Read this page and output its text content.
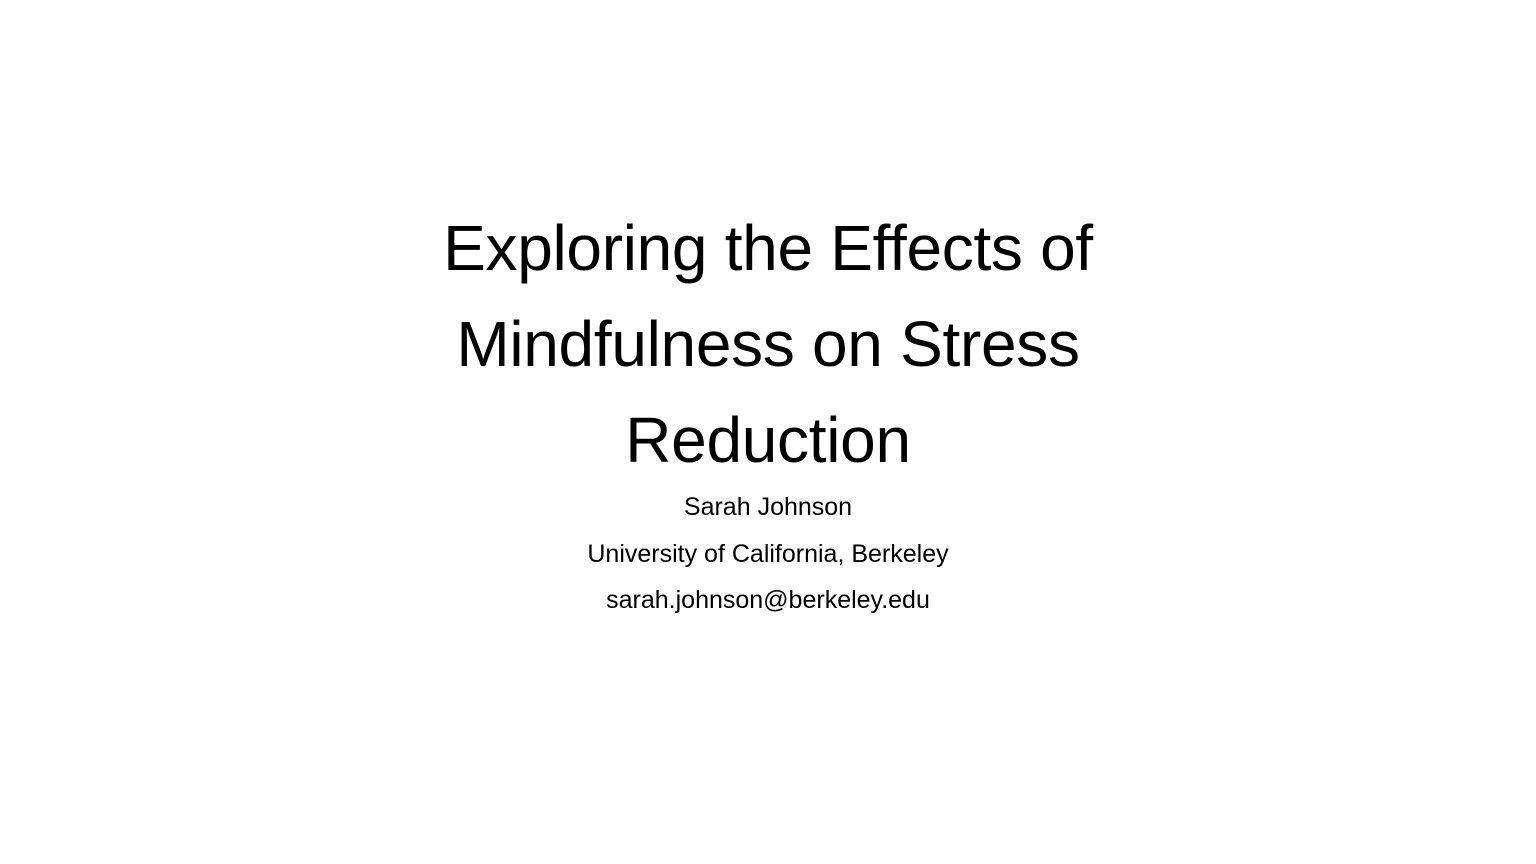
Exploring the Effects of
Mindfulness on Stress
Reduction
Sarah Johnson
University of California, Berkeley
sarah.johnson@berkeley.edu
